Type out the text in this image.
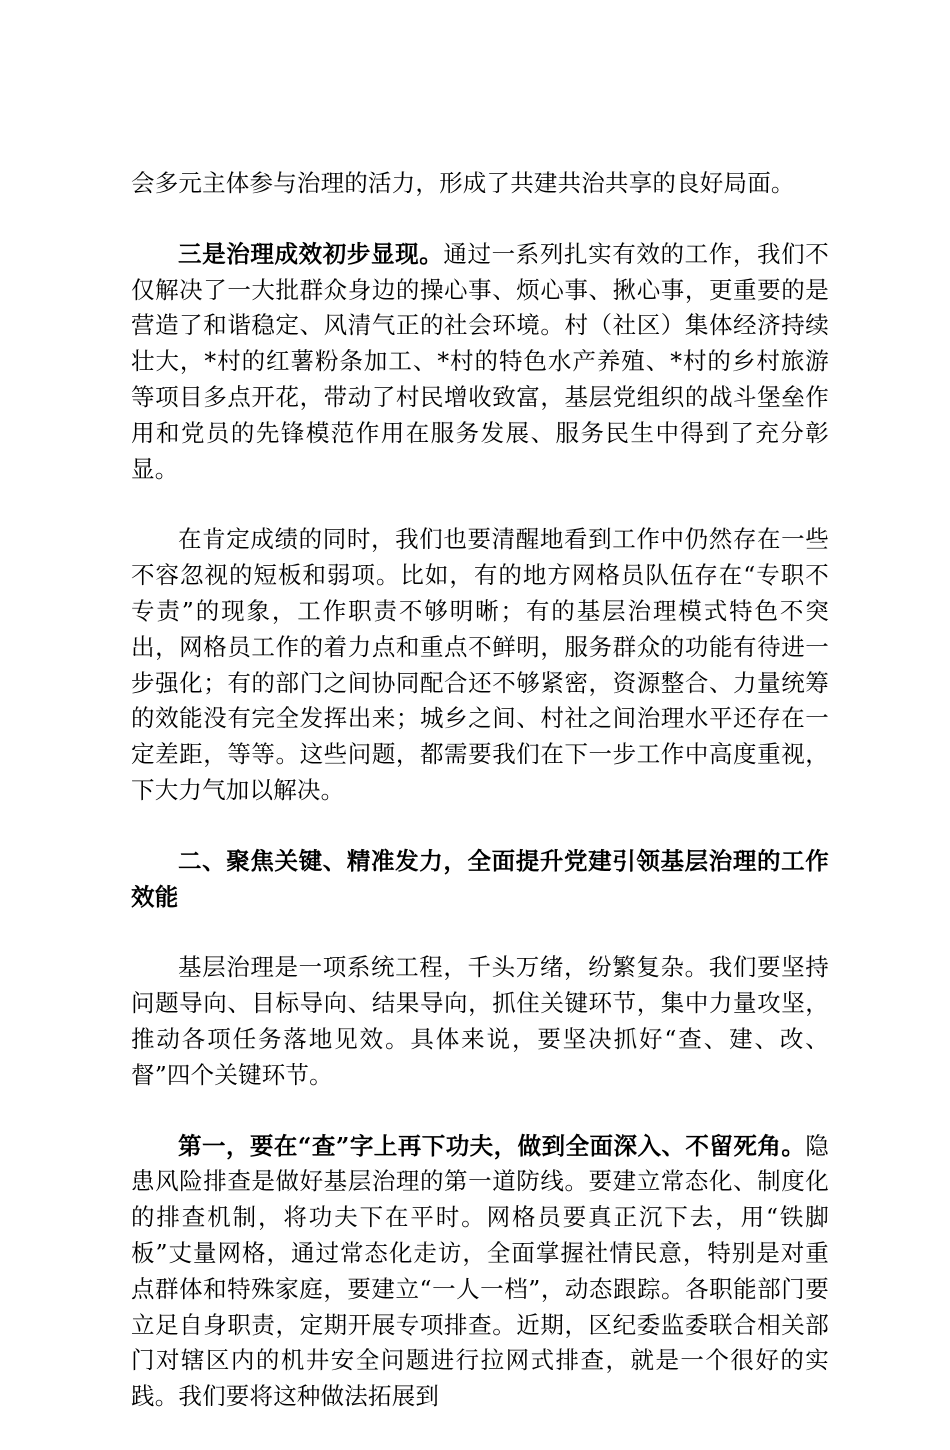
会多元主体参与治理的活力，形成了共建共治共享的良好局面。

三是治理成效初步显现。通过一系列扎实有效的工作，我们不仅解决了一大批群众身边的操心事、烦心事、揪心事，更重要的是营造了和谐稳定、风清气正的社会环境。村（社区）集体经济持续壮大，*村的红薯粉条加工、*村的特色水产养殖、*村的乡村旅游等项目多点开花，带动了村民增收致富，基层党组织的战斗堡垒作用和党员的先锋模范作用在服务发展、服务民生中得到了充分彰显。

在肯定成绩的同时，我们也要清醒地看到工作中仍然存在一些不容忽视的短板和弱项。比如，有的地方网格员队伍存在“专职不专责”的现象，工作职责不够明晰；有的基层治理模式特色不突出，网格员工作的着力点和重点不鲜明，服务群众的功能有待进一步强化；有的部门之间协同配合还不够紧密，资源整合、力量统筹的效能没有完全发挥出来；城乡之间、村社之间治理水平还存在一定差距，等等。这些问题，都需要我们在下一步工作中高度重视，下大力气加以解决。

二、聚焦关键、精准发力，全面提升党建引领基层治理的工作效能

基层治理是一项系统工程，千头万绪，纷繁复杂。我们要坚持问题导向、目标导向、结果导向，抓住关键环节，集中力量攻坚，推动各项任务落地见效。具体来说，要坚决抓好“查、建、改、督”四个关键环节。

第一，要在“查”字上再下功夫，做到全面深入、不留死角。隐患风险排查是做好基层治理的第一道防线。要建立常态化、制度化的排查机制，将功夫下在平时。网格员要真正沉下去，用“铁脚板”丈量网格，通过常态化走访，全面掌握社情民意，特别是对重点群体和特殊家庭，要建立“一人一档”，动态跟踪。各职能部门要立足自身职责，定期开展专项排查。近期，区纪委监委联合相关部门对辖区内的机井安全问题进行拉网式排查，就是一个很好的实践。我们要将这种做法拓展到
